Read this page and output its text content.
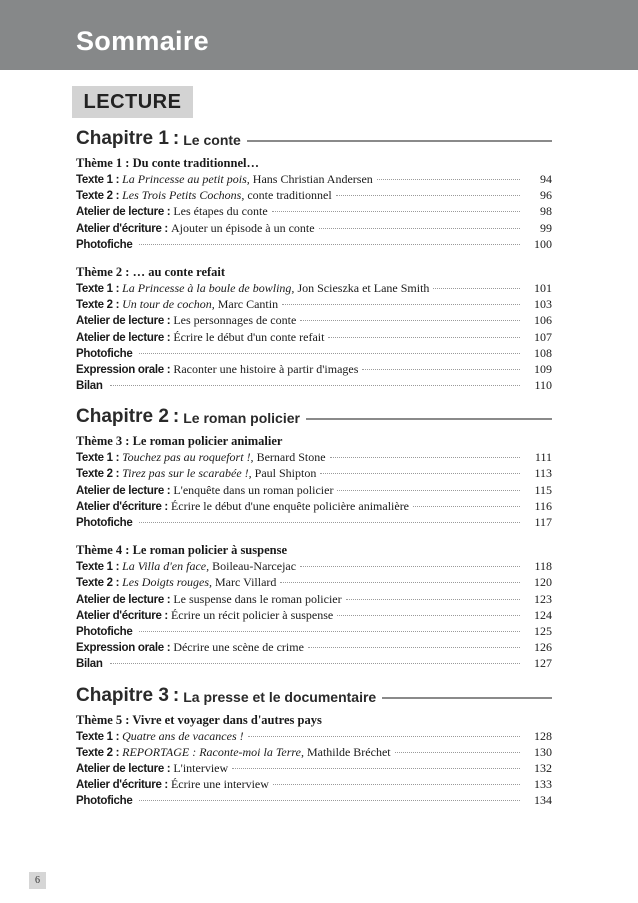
Sommaire
LECTURE
Chapitre 1 : Le conte
Thème 1 : Du conte traditionnel…
Texte 1 : La Princesse au petit pois, Hans Christian Andersen	94
Texte 2 : Les Trois Petits Cochons, conte traditionnel	96
Atelier de lecture : Les étapes du conte	98
Atelier d'écriture : Ajouter un épisode à un conte	99
Photofiche	100
Thème 2 : … au conte refait
Texte 1 : La Princesse à la boule de bowling, Jon Scieszka et Lane Smith	101
Texte 2 : Un tour de cochon, Marc Cantin	103
Atelier de lecture : Les personnages de conte	106
Atelier de lecture : Écrire le début d'un conte refait	107
Photofiche	108
Expression orale : Raconter une histoire à partir d'images	109
Bilan	110
Chapitre 2 : Le roman policier
Thème 3 : Le roman policier animalier
Texte 1 : Touchez pas au roquefort !, Bernard Stone	111
Texte 2 : Tirez pas sur le scarabée !, Paul Shipton	113
Atelier de lecture : L'enquête dans un roman policier	115
Atelier d'écriture : Écrire le début d'une enquête policière animalière	116
Photofiche	117
Thème 4 : Le roman policier à suspense
Texte 1 : La Villa d'en face, Boileau-Narcejac	118
Texte 2 : Les Doigts rouges, Marc Villard	120
Atelier de lecture : Le suspense dans le roman policier	123
Atelier d'écriture : Écrire un récit policier à suspense	124
Photofiche	125
Expression orale : Décrire une scène de crime	126
Bilan	127
Chapitre 3 : La presse et le documentaire
Thème 5 : Vivre et voyager dans d'autres pays
Texte 1 : Quatre ans de vacances !	128
Texte 2 : REPORTAGE : Raconte-moi la Terre, Mathilde Bréchet	130
Atelier de lecture : L'interview	132
Atelier d'écriture : Écrire une interview	133
Photofiche	134
6
